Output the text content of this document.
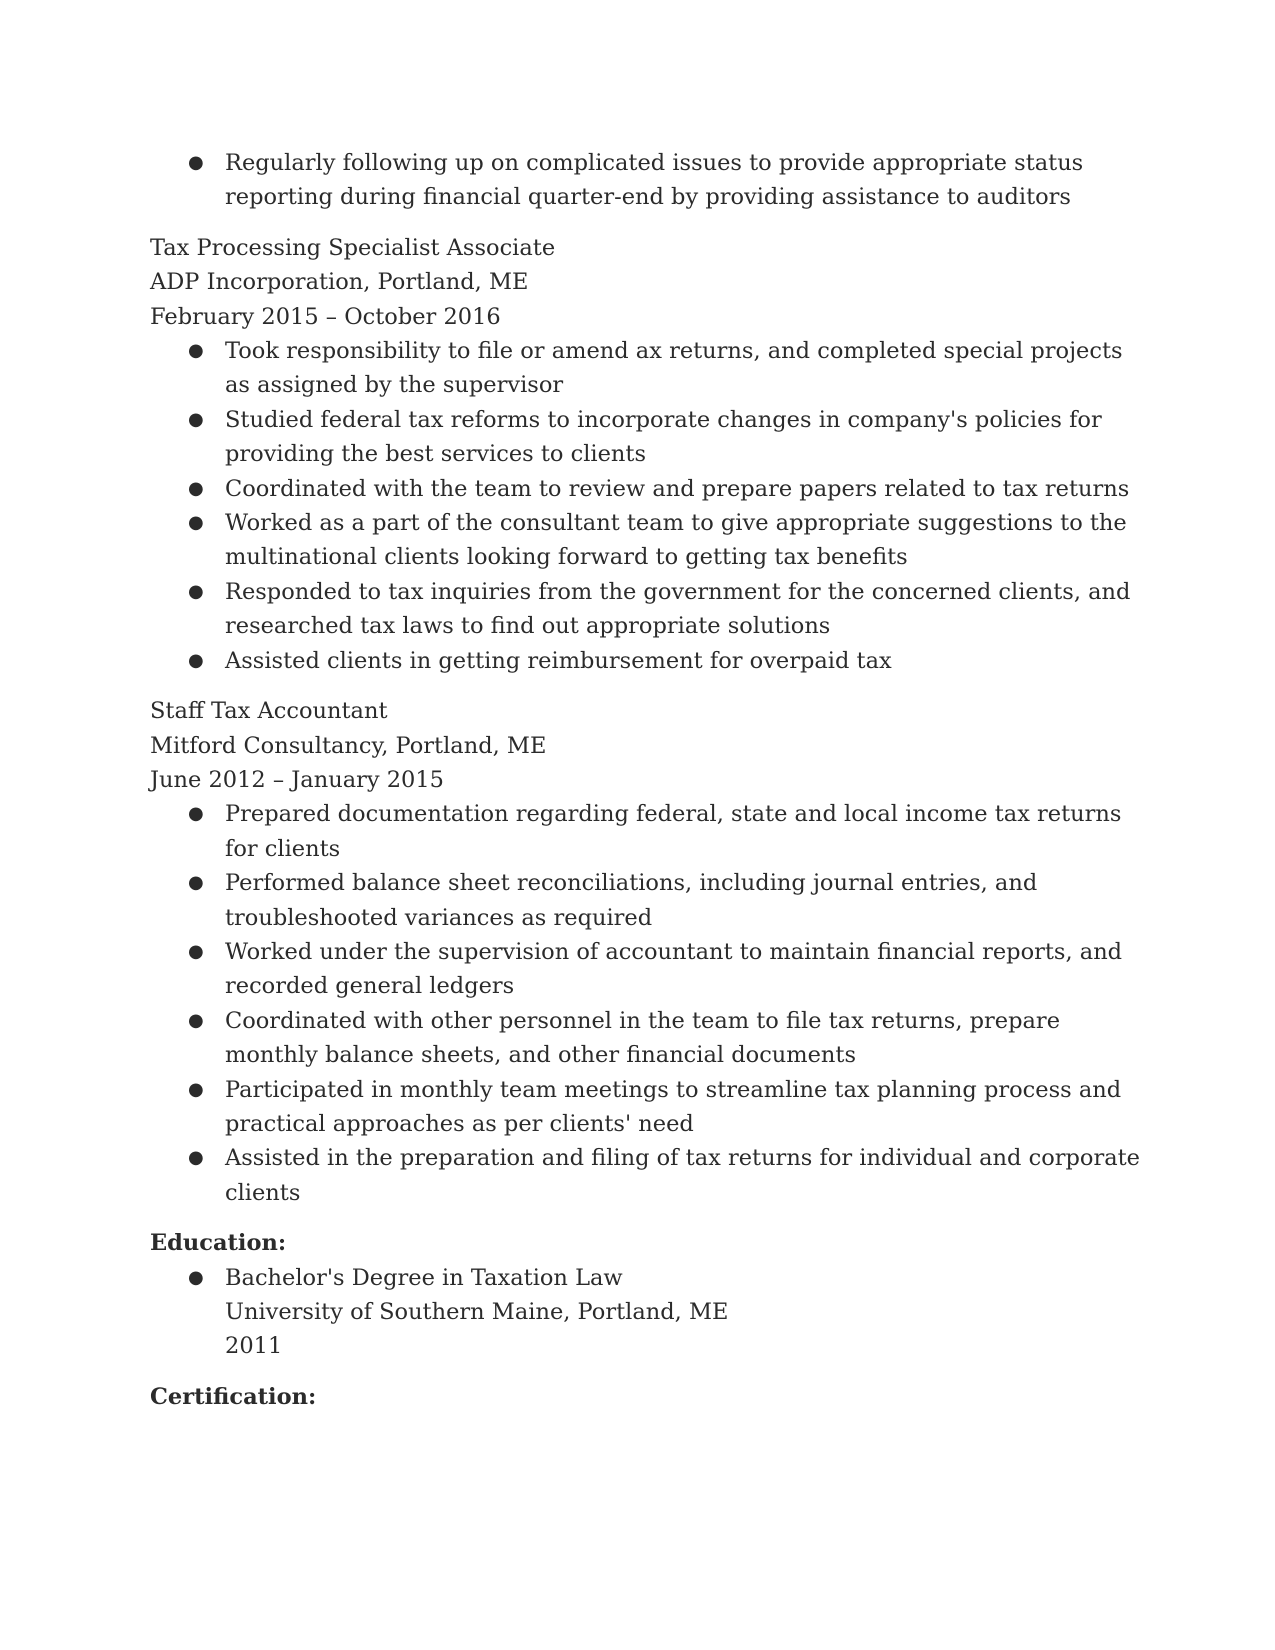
● Regularly following up on complicated issues to provide appropriate status reporting during financial quarter-end by providing assistance to auditors
Tax Processing Specialist Associate
ADP Incorporation, Portland, ME
February 2015 – October 2016
● Took responsibility to file or amend ax returns, and completed special projects as assigned by the supervisor
● Studied federal tax reforms to incorporate changes in company's policies for providing the best services to clients
● Coordinated with the team to review and prepare papers related to tax returns
● Worked as a part of the consultant team to give appropriate suggestions to the multinational clients looking forward to getting tax benefits
● Responded to tax inquiries from the government for the concerned clients, and researched tax laws to find out appropriate solutions
● Assisted clients in getting reimbursement for overpaid tax
Staff Tax Accountant
Mitford Consultancy, Portland, ME
June 2012 – January 2015
● Prepared documentation regarding federal, state and local income tax returns for clients
● Performed balance sheet reconciliations, including journal entries, and troubleshooted variances as required
● Worked under the supervision of accountant to maintain financial reports, and recorded general ledgers
● Coordinated with other personnel in the team to file tax returns, prepare monthly balance sheets, and other financial documents
● Participated in monthly team meetings to streamline tax planning process and practical approaches as per clients' need
● Assisted in the preparation and filing of tax returns for individual and corporate clients
Education:
● Bachelor's Degree in Taxation Law
University of Southern Maine, Portland, ME
2011
Certification:
